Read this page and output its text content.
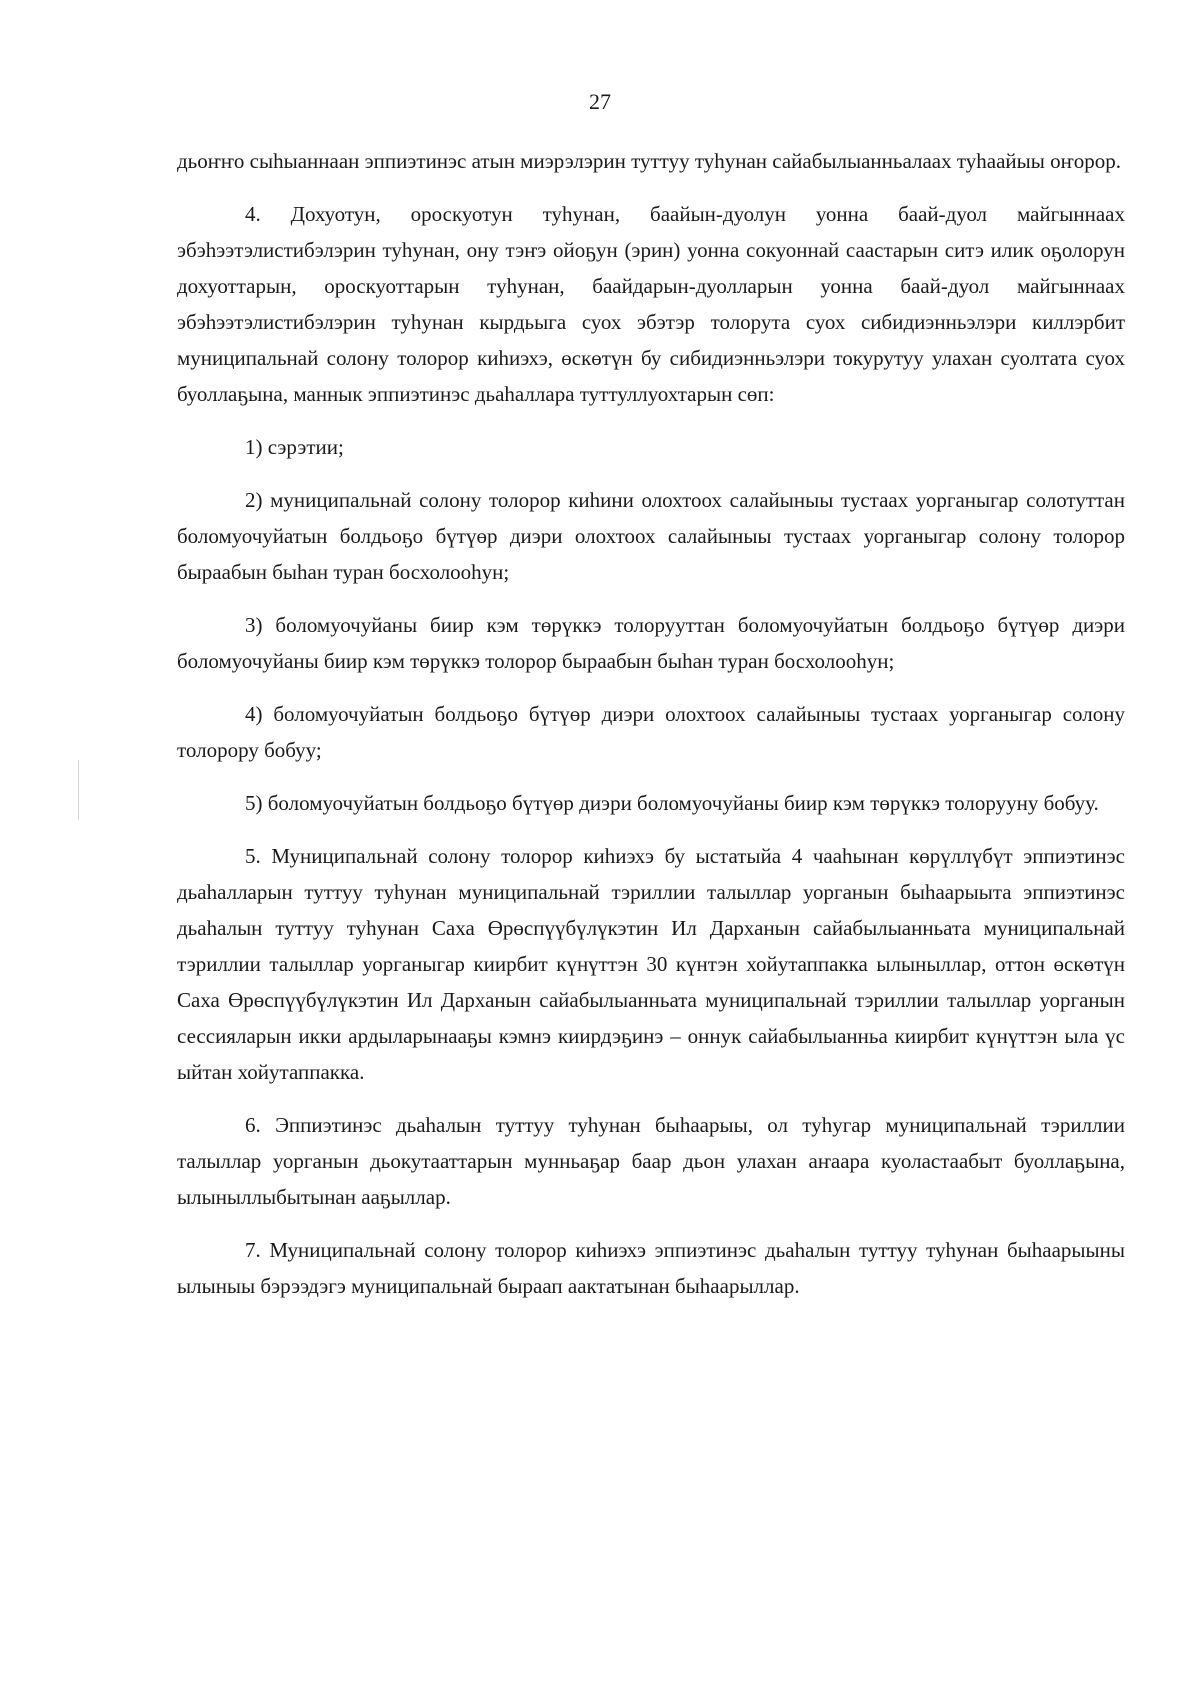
27

дьоҥҥо сыһыаннаан эппиэтинэс атын миэрэлэрин туттуу туһунан сайабылыанньалаах туһаайыы оҥорор.

4. Дохуотун, ороскуотун туһунан, баайын-дуолун уонна баай-дуол майгыннаах эбэһээтэлистибэлэрин туһунан, ону тэҥэ ойоҕун (эрин) уонна сокуоннай саастарын ситэ илик оҕолорун дохуоттарын, ороскуоттарын туһунан, баайдарын-дуолларын уонна баай-дуол майгыннаах эбэһээтэлистибэлэрин туһунан кырдьыга суох эбэтэр толорута суох сибидиэнньэлэри киллэрбит муниципальнай солону толорор киһиэхэ, өскөтүн бу сибидиэнньэлэри токурутуу улахан суолтата суох буоллаҕына, маннык эппиэтинэс дьаһаллара туттуллуохтарын сөп:

1) сэрэтии;

2) муниципальнай солону толорор киһини олохтоох салайыныы тустаах уорганыгар солотуттан боломуочуйатын болдьоҕо бүтүөр диэри олохтоох салайыныы тустаах уорганыгар солону толорор быраабын быһан туран босхолооһун;

3) боломуочуйаны биир кэм төрүккэ толорууттан боломуочуйатын болдьоҕо бүтүөр диэри боломуочуйаны биир кэм төрүккэ толорор быраабын быһан туран босхолооһун;

4) боломуочуйатын болдьоҕо бүтүөр диэри олохтоох салайыныы тустаах уорганыгар солону толорору бобуу;

5) боломуочуйатын болдьоҕо бүтүөр диэри боломуочуйаны биир кэм төрүккэ толорууну бобуу.

5. Муниципальнай солону толорор киһиэхэ бу ыстатыйа 4 чааһынан көрүллүбүт эппиэтинэс дьаһалларын туттуу туһунан муниципальнай тэриллии талыллар уорганын быһаарыыта эппиэтинэс дьаһалын туттуу туһунан Саха Өрөспүүбүлүкэтин Ил Дарханын сайабылыанньата муниципальнай тэриллии талыллар уорганыгар киирбит күнүттэн 30 күнтэн хойутаппакка ылыныллар, оттон өскөтүн Саха Өрөспүүбүлүкэтин Ил Дарханын сайабылыанньата муниципальнай тэриллии талыллар уорганын сессияларын икки ардыларынааҕы кэмнэ киирдэҕинэ – оннук сайабылыанньа киирбит күнүттэн ыла үс ыйтан хойутаппакка.

6. Эппиэтинэс дьаһалын туттуу туһунан быһаарыы, ол туһугар муниципальнай тэриллии талыллар уорганын дьокутааттарын мунньаҕар баар дьон улахан аҥаара куоластаабыт буоллаҕына, ылыныллыбытынан ааҕыллар.

7. Муниципальнай солону толорор киһиэхэ эппиэтинэс дьаһалын туттуу туһунан быһаарыыны ылыныы бэрээдэгэ муниципальнай быраап аактатынан быһаарыллар.
